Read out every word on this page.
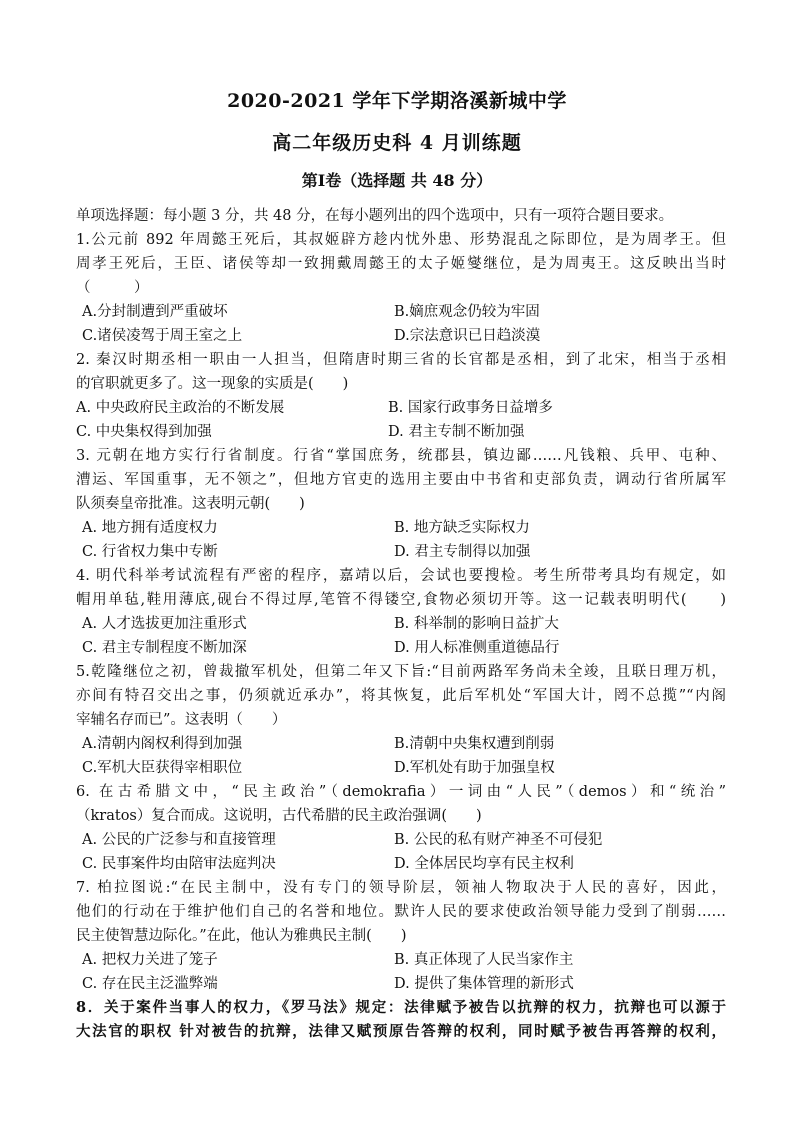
2020-2021 学年下学期洛溪新城中学
高二年级历史科 4 月训练题
第Ⅰ卷（选择题 共 48 分）
单项选择题：每小题 3 分，共 48 分，在每小题列出的四个选项中，只有一项符合题目要求。
1.公元前 892 年周懿王死后，其叔姬辟方趁内忧外患、形势混乱之际即位，是为周孝王。但
周孝王死后，王臣、诸侯等却一致拥戴周懿王的太子姬燮继位，是为周夷王。这反映出当时
（　　　）
A.分封制遭到严重破坏	B.嫡庶观念仍较为牢固
C.诸侯凌驾于周王室之上	D.宗法意识已日趋淡漠
2. 秦汉时期丞相一职由一人担当，但隋唐时期三省的长官都是丞相，到了北宋，相当于丞相
的官职就更多了。这一现象的实质是(　　)
A. 中央政府民主政治的不断发展	B. 国家行政事务日益增多
C. 中央集权得到加强	D. 君主专制不断加强
3. 元朝在地方实行行省制度。行省“掌国庶务，统郡县，镇边鄙……凡钱粮、兵甲、屯种、
漕运、军国重事，无不领之”，但地方官吏的选用主要由中书省和吏部负责，调动行省所属军
队须奏皇帝批准。这表明元朝(　　)
A. 地方拥有适度权力	B. 地方缺乏实际权力
C. 行省权力集中专断	D. 君主专制得以加强
4. 明代科举考试流程有严密的程序，嘉靖以后，会试也要搜检。考生所带考具均有规定，如
帽用单毡,鞋用薄底,砚台不得过厚,笔管不得镂空,食物必须切开等。这一记载表明明代(　　)
A. 人才选拔更加注重形式	B. 科举制的影响日益扩大
C. 君主专制程度不断加深	D. 用人标准侧重道德品行
5.乾隆继位之初，曾裁撤军机处，但第二年又下旨:“目前两路军务尚未全竣，且联日理万机，
亦间有特召交出之事，仍须就近承办”，将其恢复，此后军机处“军国大计，罔不总揽”“内阁
宰辅名存而已”。这表明（　　）
A.清朝内阁权利得到加强	B.清朝中央集权遭到削弱
C.军机大臣获得宰相职位	D.军机处有助于加强皇权
6. 在古希腊文中，“民主政治”（demokrafia）一词由“人民”（demos）和“统治”
（kratos）复合而成。这说明，古代希腊的民主政治强调(　　)
A. 公民的广泛参与和直接管理	B. 公民的私有财产神圣不可侵犯
C. 民事案件均由陪审法庭判决	D. 全体居民均享有民主权利
7. 柏拉图说:“在民主制中，没有专门的领导阶层，领袖人物取决于人民的喜好，因此，
他们的行动在于维护他们自己的名誉和地位。默许人民的要求使政治领导能力受到了削弱……
民主使智慧边际化。”在此，他认为雅典民主制(　　)
A. 把权力关进了笼子	B. 真正体现了人民当家作主
C. 存在民主泛滥弊端	D. 提供了集体管理的新形式
8．关于案件当事人的权力，《罗马法》规定：法律赋予被告以抗辩的权力，抗辩也可以源于
大法官的职权 针对被告的抗辩，法律又赋预原告答辩的权利，同时赋予被告再答辩的权利，
